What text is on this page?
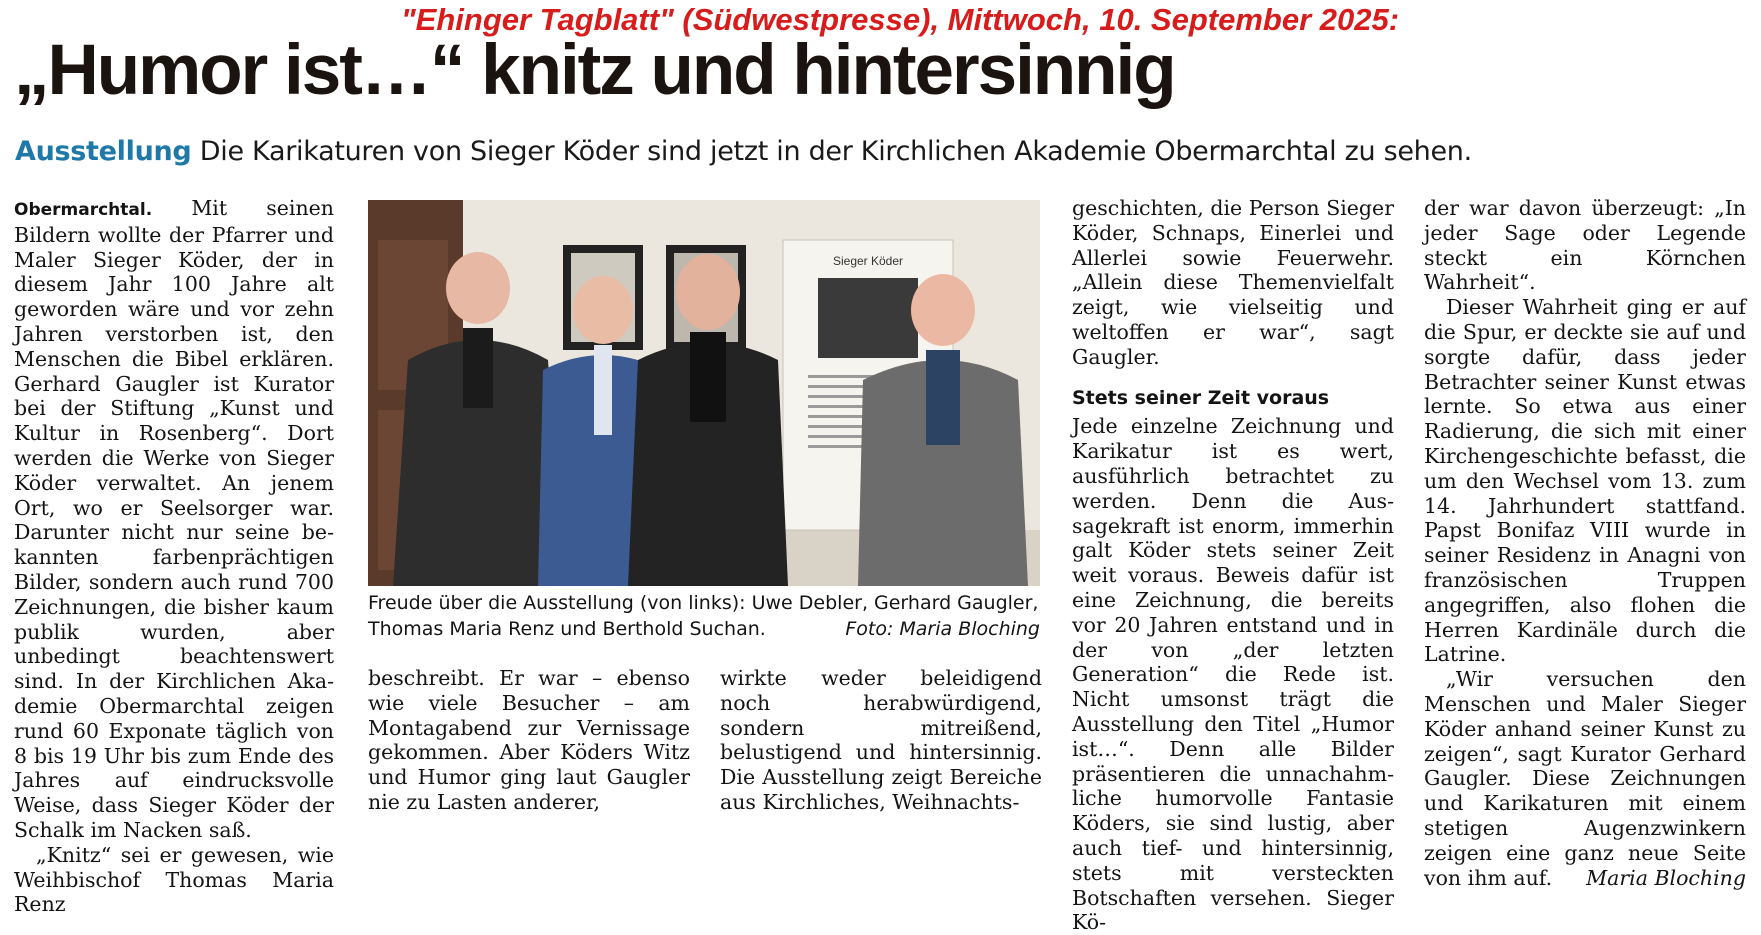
"Ehinger Tagblatt" (Südwestpresse), Mittwoch, 10. September 2025:
„Humor ist…“ knitz und hintersinnig
Ausstellung Die Karikaturen von Sieger Köder sind jetzt in der Kirchlichen Akademie Obermarchtal zu sehen.

Obermarchtal. Mit seinen Bildern wollte der Pfarrer und Maler Sieger Köder, der in diesem Jahr 100 Jahre alt geworden wäre und vor zehn Jahren verstorben ist, den Menschen die Bibel erklären. Gerhard Gaugler ist Kurator bei der Stiftung „Kunst und Kultur in Rosenberg“. Dort werden die Werke von Sieger Köder verwaltet. An jenem Ort, wo er Seelsorger war. Darunter nicht nur seine bekannten farbenprächtigen Bilder, sondern auch rund 700 Zeichnungen, die bisher kaum publik wurden, aber unbedingt beachtenswert sind. In der Kirchlichen Akademie Obermarchtal zeigen rund 60 Exponate täglich von 8 bis 19 Uhr bis zum Ende des Jahres auf eindrucksvolle Weise, dass Sieger Köder der Schalk im Nacken saß.

„Knitz“ sei er gewesen, wie Weihbischof Thomas Maria Renz

Sieger Köder
Freude über die Ausstellung (von links): Uwe Debler, Gerhard Gaugler, Thomas Maria Renz und Berthold Suchan.	Foto: Maria Bloching

beschreibt. Er war – ebenso wie viele Besucher – am Montagabend zur Vernissage gekommen. Aber Köders Witz und Humor ging laut Gaugler nie zu Lasten anderer,

wirkte weder beleidigend noch herabwürdigend, sondern mitreißend, belustigend und hintersinnig. Die Ausstellung zeigt Bereiche aus Kirchliches, Weihnachts-

geschichten, die Person Sieger Köder, Schnaps, Einerlei und Allerlei sowie Feuerwehr. „Allein diese Themenvielfalt zeigt, wie vielseitig und weltoffen er war“, sagt Gaugler.

Stets seiner Zeit voraus

Jede einzelne Zeichnung und Karikatur ist es wert, ausführlich betrachtet zu werden. Denn die Aussagekraft ist enorm, immerhin galt Köder stets seiner Zeit weit voraus. Beweis dafür ist eine Zeichnung, die bereits vor 20 Jahren entstand und in der von „der letzten Generation“ die Rede ist. Nicht umsonst trägt die Ausstellung den Titel „Humor ist…“. Denn alle Bilder präsentieren die unnachahmliche humorvolle Fantasie Köders, sie sind lustig, aber auch tief- und hintersinnig, stets mit versteckten Botschaften versehen. Sieger Kö-

der war davon überzeugt: „In jeder Sage oder Legende steckt ein Körnchen Wahrheit“.

Dieser Wahrheit ging er auf die Spur, er deckte sie auf und sorgte dafür, dass jeder Betrachter seiner Kunst etwas lernte. So etwa aus einer Radierung, die sich mit einer Kirchengeschichte befasst, die um den Wechsel vom 13. zum 14. Jahrhundert stattfand. Papst Bonifaz VIII wurde in seiner Residenz in Anagni von französischen Truppen angegriffen, also flohen die Herren Kardinäle durch die Latrine.

„Wir versuchen den Menschen und Maler Sieger Köder anhand seiner Kunst zu zeigen“, sagt Kurator Gerhard Gaugler. Diese Zeichnungen und Karikaturen mit einem stetigen Augenzwinkern zeigen eine ganz neue Seite von ihm auf.	Maria Bloching
